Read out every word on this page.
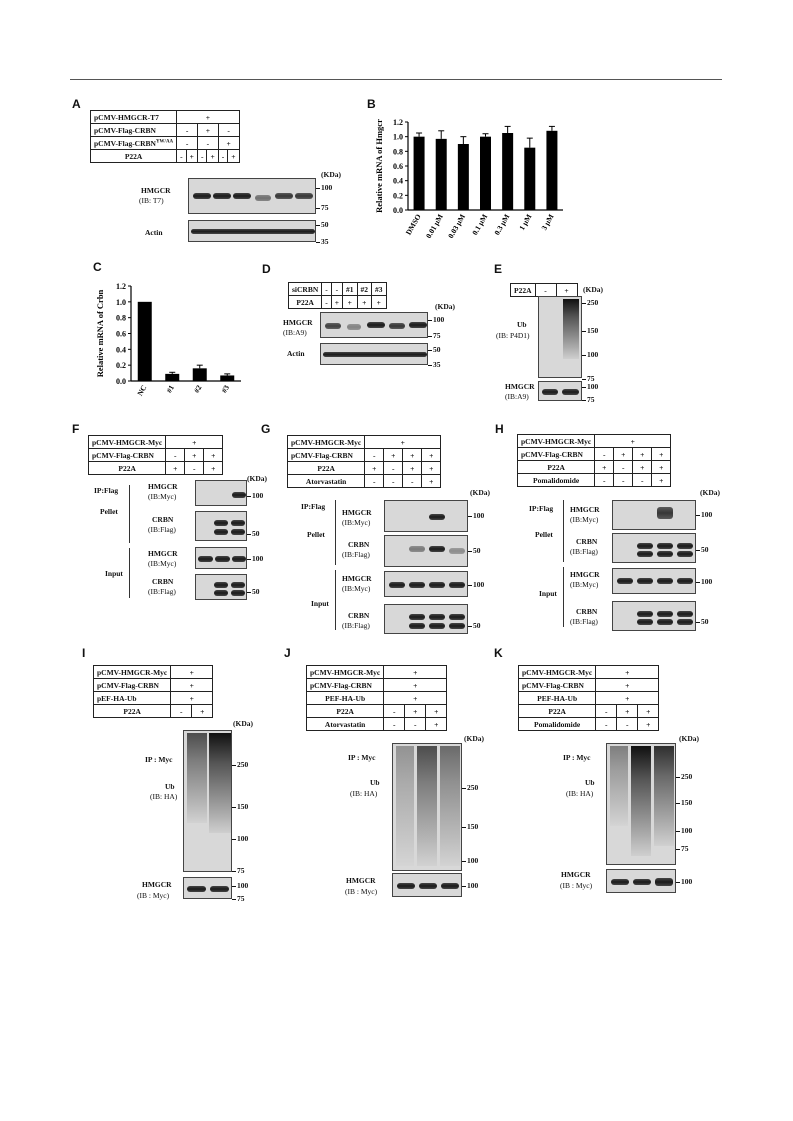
A
pCMV-HMGCR-T7	+					
pCMV-Flag-CRBN	-		+		-	
pCMV-$Flag-CRBN^{YW/AA}$	-		-		+	
P22A	-	+	-	+	-	+
(KDa)
HMGCR
(IB: T7)
100
75
Actin
50
35
B
0.0
0.2
0.4
0.6
0.8
1.0
1.2
DMSO 0.01 μM 0.03 μM 0.1 μM 0.3 μM 1 μM 3 μM
Relative mRNA of Hmgcr
C
0.0
0.2
0.4
0.6
0.8
1.0
1.2
NC #1 #2 #3
Relative mRNA of Crbn
D
siCRBN	-	-	#1	#2	#3
P22A	-	+	+	+	+	(KDa)
HMGCR
(IB:A9)
100
75
Actin	50
35
E
P22A	-	+ (KDa)
Ub
(IB: P4D1)
250
150
100
75
HMGCR
(IB:A9)
100
75
F
pCMV-HMGCR-Myc	+		
pCMV-Flag-CRBN	-	+	+
P22A	+	-	+
(KDa)
IP:Flag
Pellet
HMGCR
(IB:Myc)	100
CRBN
(IB:Flag)	50
Input
HMGCR
(IB:Myc)
100
CRBN
(IB:Flag)	50
G
pCMV-HMGCR-Myc	+			
pCMV-Flag-CRBN	-	+	+	+
P22A	+	-	+	+
Atorvastatin	-	-	-	+
(KDa)
IP:Flag
Pellet
HMGCR
(IB:Myc)
100
CRBN
(IB:Flag)	50
Input
HMGCR
(IB:Myc)	100
CRBN
(IB:Flag)	50
H
pCMV-HMGCR-Myc	+			
pCMV-Flag-CRBN	-	+	+	+
P22A	+	-	+	+
Pomalidomide	-	-	-	+
(KDa)
IP:Flag
Pellet
HMGCR
(IB:Myc)
100
CRBN
(IB:Flag)	50
Input
HMGCR
(IB:Myc)	100
CRBN
(IB:Flag)	50
I
pCMV-HMGCR-Myc	+	
pCMV-Flag-CRBN	+	
pEF-HA-Ub	+	
P22A	-	+
(KDa)
IP : Myc
Ub
(IB: HA)
250
150
100
75
HMGCR
(IB : Myc)
100
75
J
pCMV-HMGCR-Myc	+		
pCMV-Flag-CRBN	+		
PEF-HA-Ub	+		
P22A	-	+	+
Atorvastatin	-	-	+
(KDa)
IP : Myc
Ub
(IB: HA)
250
150
100
HMGCR
(IB : Myc)
100
K
pCMV-HMGCR-Myc	+		
pCMV-Flag-CRBN	+		
PEF-HA-Ub	+		
P22A	-	+	+
Pomalidomide	-	-	+
(KDa)
IP : Myc
Ub
(IB: HA)
250
150
100
75
HMGCR
(IB : Myc)	100
